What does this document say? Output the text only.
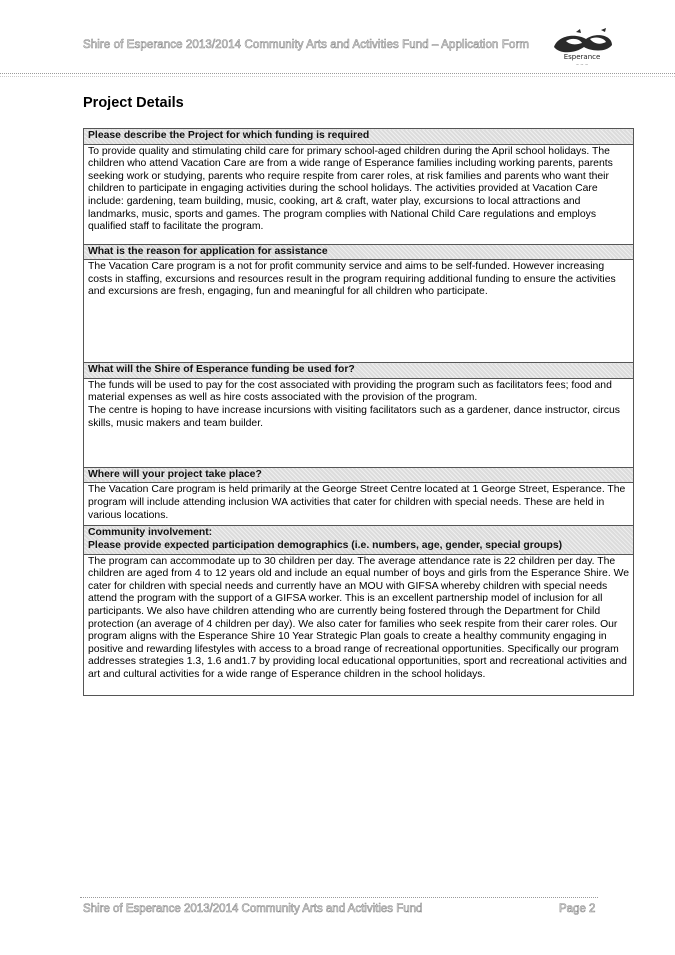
Shire of Esperance 2013/2014 Community Arts and Activities Fund – Application Form
Esperance
~ ~ ~
Project Details
Please describe the Project for which funding is required
To provide quality and stimulating child care for primary school-aged children during the April school holidays. The children who attend Vacation Care are from a wide range of Esperance families including working parents, parents seeking work or studying, parents who require respite from carer roles, at risk families and parents who want their children to participate in engaging activities during the school holidays. The activities provided at Vacation Care include: gardening, team building, music, cooking, art & craft, water play, excursions to local attractions and landmarks, music, sports and games. The program complies with National Child Care regulations and employs qualified staff to facilitate the program.
What is the reason for application for assistance
The Vacation Care program is a not for profit community service and aims to be self-funded. However increasing costs in staffing, excursions and resources result in the program requiring additional funding to ensure the activities and excursions are fresh, engaging, fun and meaningful for all children who participate.
What will the Shire of Esperance funding be used for?
The funds will be used to pay for the cost associated with providing the program such as facilitators fees; food and material expenses as well as hire costs associated with the provision of the program.
The centre is hoping to have increase incursions with visiting facilitators such as a gardener, dance instructor, circus skills, music makers and team builder.
Where will your project take place?
The Vacation Care program is held primarily at the George Street Centre located at 1 George Street, Esperance. The program will include attending inclusion WA activities that cater for children with special needs. These are held in various locations.
Community involvement:
Please provide expected participation demographics (i.e. numbers, age, gender, special groups)
The program can accommodate up to 30 children per day. The average attendance rate is 22 children per day. The children are aged from 4 to 12 years old and include an equal number of boys and girls from the Esperance Shire. We cater for children with special needs and currently have an MOU with GIFSA whereby children with special needs attend the program with the support of a GIFSA worker. This is an excellent partnership model of inclusion for all participants. We also have children attending who are currently being fostered through the Department for Child protection (an average of 4 children per day). We also cater for families who seek respite from their carer roles. Our program aligns with the Esperance Shire 10 Year Strategic Plan goals to create a healthy community engaging in positive and rewarding lifestyles with access to a broad range of recreational opportunities. Specifically our program addresses strategies 1.3, 1.6 and1.7 by providing local educational opportunities, sport and recreational activities and art and cultural activities for a wide range of Esperance children in the school holidays.
Shire of Esperance 2013/2014 Community Arts and Activities Fund	Page 2
